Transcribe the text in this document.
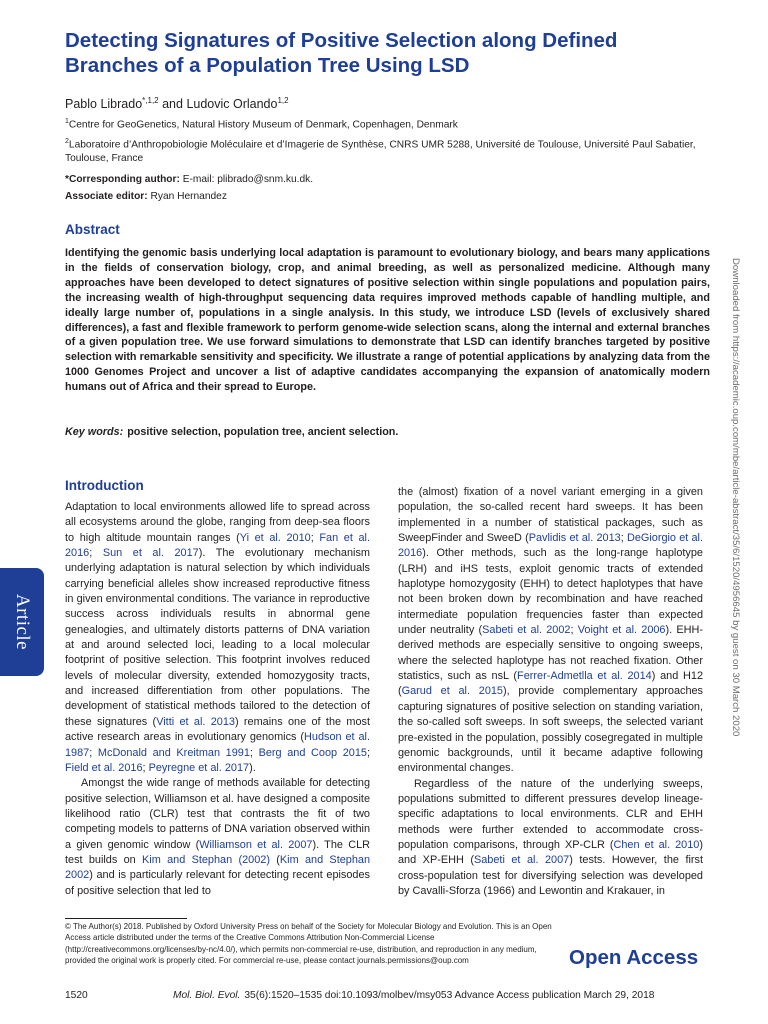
Detecting Signatures of Positive Selection along Defined Branches of a Population Tree Using LSD
Pablo Librado$^{*,1,2}$ and Ludovic Orlando$^{1,2}$
$^1$Centre for GeoGenetics, Natural History Museum of Denmark, Copenhagen, Denmark
$^2$Laboratoire d’Anthropobiologie Moléculaire et d’Imagerie de Synthèse, CNRS UMR 5288, Université de Toulouse, Université Paul Sabatier, Toulouse, France
*Corresponding author: E-mail: plibrado@snm.ku.dk.
Associate editor: Ryan Hernandez
Abstract

Identifying the genomic basis underlying local adaptation is paramount to evolutionary biology, and bears many applications in the fields of conservation biology, crop, and animal breeding, as well as personalized medicine. Although many approaches have been developed to detect signatures of positive selection within single populations and population pairs, the increasing wealth of high-throughput sequencing data requires improved methods capable of handling multiple, and ideally large number of, populations in a single analysis. In this study, we introduce LSD (levels of exclusively shared differences), a fast and flexible framework to perform genome-wide selection scans, along the internal and external branches of a given population tree. We use forward simulations to demonstrate that LSD can identify branches targeted by positive selection with remarkable sensitivity and specificity. We illustrate a range of potential applications by analyzing data from the 1000 Genomes Project and uncover a list of adaptive candidates accompanying the expansion of anatomically modern humans out of Africa and their spread to Europe.

Key words: positive selection, population tree, ancient selection.
Introduction

Adaptation to local environments allowed life to spread across all ecosystems around the globe, ranging from deep-sea floors to high altitude mountain ranges (Yi et al. 2010; Fan et al. 2016; Sun et al. 2017). The evolutionary mechanism underlying adaptation is natural selection by which individuals carrying beneficial alleles show increased reproductive fitness in given environmental conditions. The variance in reproductive success across individuals results in abnormal gene genealogies, and ultimately distorts patterns of DNA variation at and around selected loci, leading to a local molecular footprint of positive selection. This footprint involves reduced levels of molecular diversity, extended homozygosity tracts, and increased differentiation from other populations. The development of statistical methods tailored to the detection of these signatures (Vitti et al. 2013) remains one of the most active research areas in evolutionary genomics (Hudson et al. 1987; McDonald and Kreitman 1991; Berg and Coop 2015; Field et al. 2016; Peyregne et al. 2017).
Amongst the wide range of methods available for detecting positive selection, Williamson et al. have designed a composite likelihood ratio (CLR) test that contrasts the fit of two competing models to patterns of DNA variation observed within a given genomic window (Williamson et al. 2007). The CLR test builds on Kim and Stephan (2002) (Kim and Stephan 2002) and is particularly relevant for detecting recent episodes of positive selection that led to

the (almost) fixation of a novel variant emerging in a given population, the so-called recent hard sweeps. It has been implemented in a number of statistical packages, such as SweepFinder and SweeD (Pavlidis et al. 2013; DeGiorgio et al. 2016). Other methods, such as the long-range haplotype (LRH) and iHS tests, exploit genomic tracts of extended haplotype homozygosity (EHH) to detect haplotypes that have not been broken down by recombination and have reached intermediate population frequencies faster than expected under neutrality (Sabeti et al. 2002; Voight et al. 2006). EHH-derived methods are especially sensitive to ongoing sweeps, where the selected haplotype has not reached fixation. Other statistics, such as nsL (Ferrer-Admetlla et al. 2014) and H12 (Garud et al. 2015), provide complementary approaches capturing signatures of positive selection on standing variation, the so-called soft sweeps. In soft sweeps, the selected variant pre-existed in the population, possibly cosegregated in multiple genomic backgrounds, until it became adaptive following environmental changes.
Regardless of the nature of the underlying sweeps, populations submitted to different pressures develop lineage-specific adaptations to local environments. CLR and EHH methods were further extended to accommodate cross-population comparisons, through XP-CLR (Chen et al. 2010) and XP-EHH (Sabeti et al. 2007) tests. However, the first cross-population test for diversifying selection was developed by Cavalli-Sforza (1966) and Lewontin and Krakauer, in

Article	Downloaded from https://academic.oup.com/mbe/article-abstract/35/6/1520/4956645 by guest on 30 March 2020
© The Author(s) 2018. Published by Oxford University Press on behalf of the Society for Molecular Biology and Evolution. This is an Open Access article distributed under the terms of the Creative Commons Attribution Non-Commercial License (http://creativecommons.org/licenses/by-nc/4.0/), which permits non-commercial re-use, distribution, and reproduction in any medium, provided the original work is properly cited. For commercial re-use, please contact journals.permissions@oup.com	Open Access
1520	Mol. Biol. Evol. 35(6):1520–1535 doi:10.1093/molbev/msy053 Advance Access publication March 29, 2018
